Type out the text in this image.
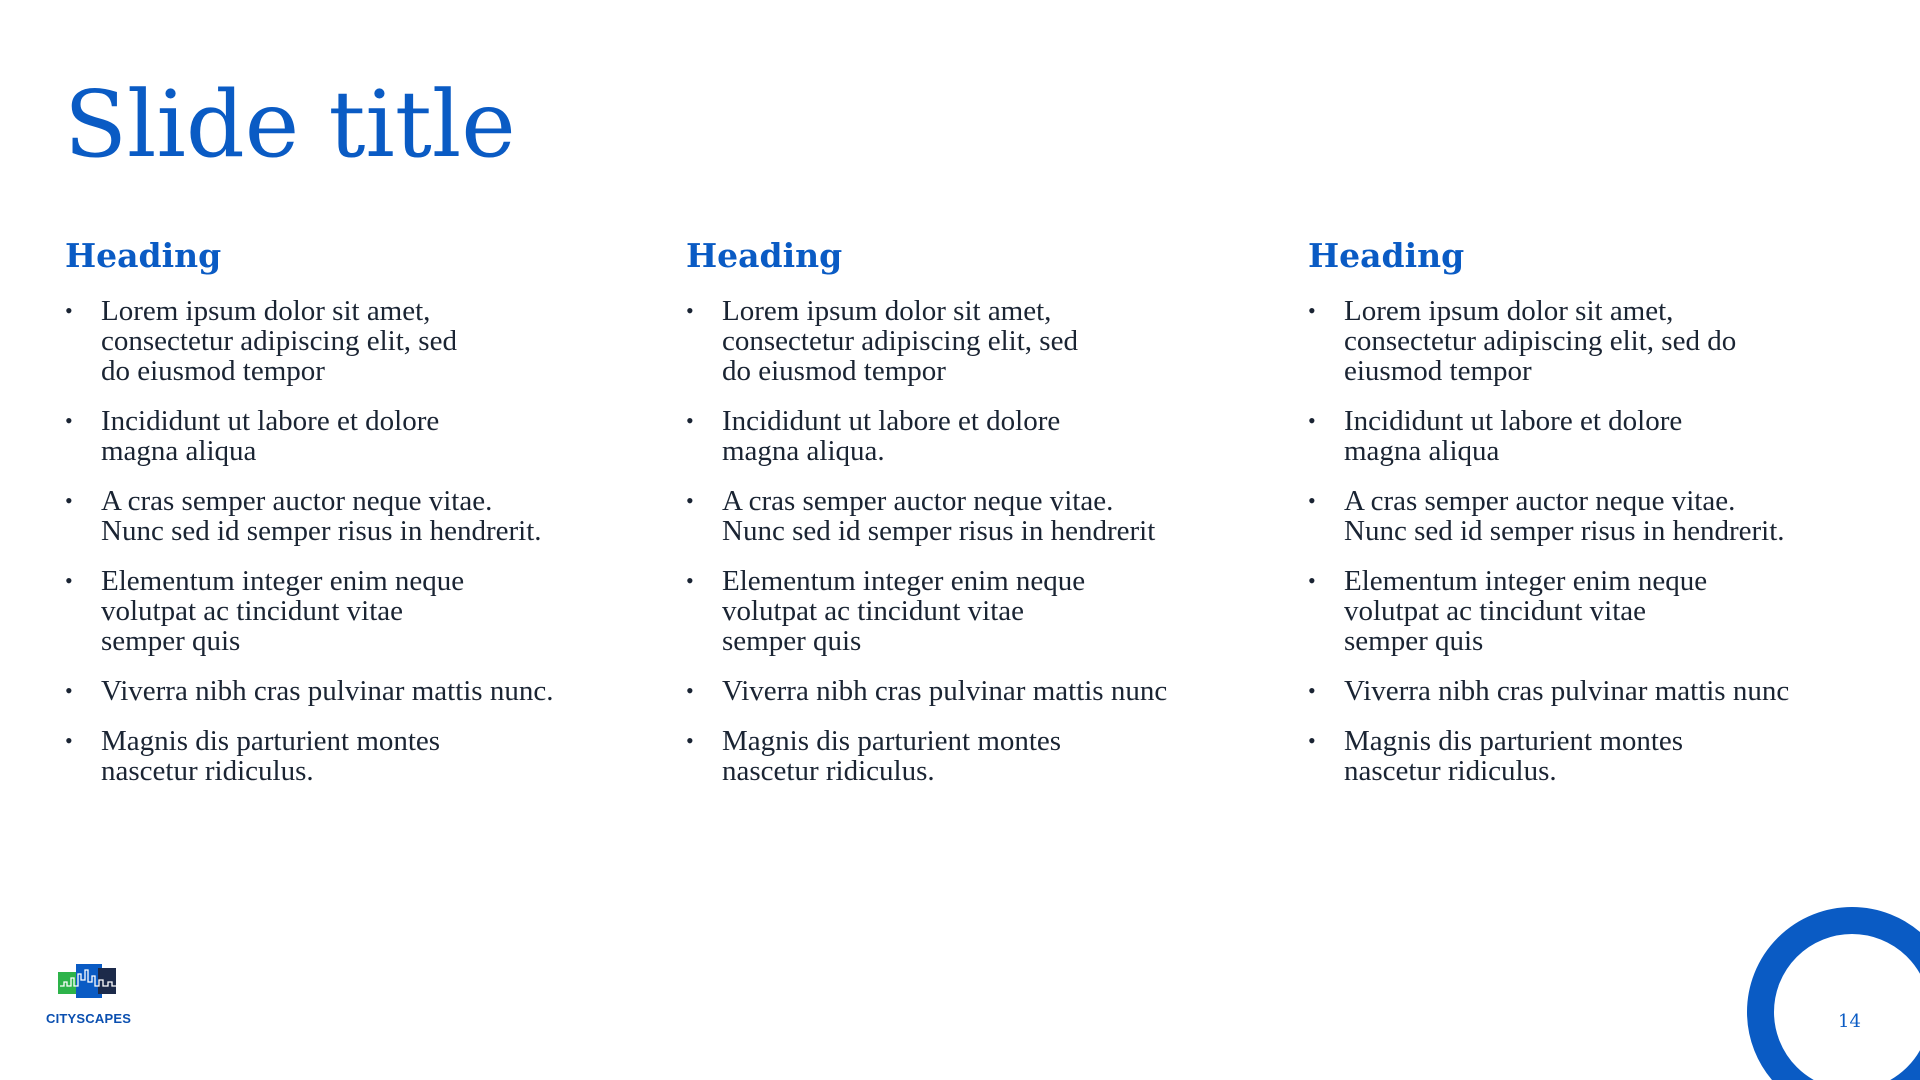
Slide title
Heading
• Lorem ipsum dolor sit amet,
consectetur adipiscing elit, sed
do eiusmod tempor
• Incididunt ut labore et dolore
magna aliqua
• A cras semper auctor neque vitae.
Nunc sed id semper risus in hendrerit.
• Elementum integer enim neque
volutpat ac tincidunt vitae
semper quis
• Viverra nibh cras pulvinar mattis nunc.
• Magnis dis parturient montes
nascetur ridiculus.
Heading
• Lorem ipsum dolor sit amet,
consectetur adipiscing elit, sed
do eiusmod tempor
• Incididunt ut labore et dolore
magna aliqua.
• A cras semper auctor neque vitae.
Nunc sed id semper risus in hendrerit
• Elementum integer enim neque
volutpat ac tincidunt vitae
semper quis
• Viverra nibh cras pulvinar mattis nunc
• Magnis dis parturient montes
nascetur ridiculus.
Heading
• Lorem ipsum dolor sit amet,
consectetur adipiscing elit, sed do
eiusmod tempor
• Incididunt ut labore et dolore
magna aliqua
• A cras semper auctor neque vitae.
Nunc sed id semper risus in hendrerit.
• Elementum integer enim neque
volutpat ac tincidunt vitae
semper quis
• Viverra nibh cras pulvinar mattis nunc
• Magnis dis parturient montes
nascetur ridiculus.
CITYSCAPES	14
